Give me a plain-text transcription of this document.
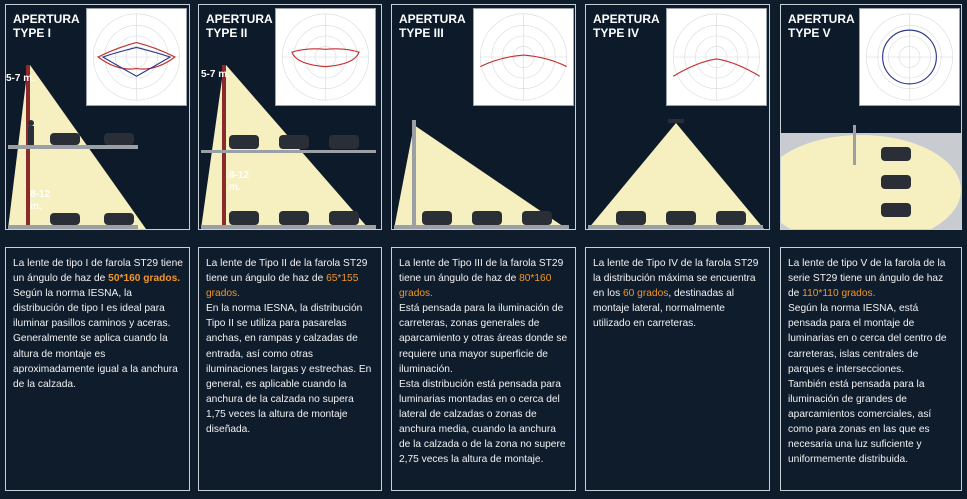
APERTURA
TYPE I
5-7 m.
8-12
m.
La lente de tipo I de farola ST29 tiene un ángulo de haz de 50*160 grados.
Según la norma IESNA, la distribución de tipo I es ideal para iluminar pasillos caminos y aceras. Generalmente se aplica cuando la altura de montaje es aproximadamente igual a la anchura de la calzada.
APERTURA
TYPE II
5-7 m.
8-12
m.
La lente de Tipo II de la farola ST29 tiene un ángulo de haz de 65*155 grados.
En la norma IESNA, la distribución Tipo II se utiliza para pasarelas anchas, en rampas y calzadas de entrada, así como otras iluminaciones largas y estrechas. En general, es aplicable cuando la anchura de la calzada no supera 1,75 veces la altura de montaje diseñada.
APERTURA
TYPE III
La lente de Tipo III de la farola ST29 tiene un ángulo de haz de 80*160 grados.
Está pensada para la iluminación de carreteras, zonas generales de aparcamiento y otras áreas donde se requiere una mayor superficie de iluminación.
Esta distribución está pensada para luminarias montadas en o cerca del lateral de calzadas o zonas de anchura media, cuando la anchura de la calzada o de la zona no supere 2,75 veces la altura de montaje.
APERTURA
TYPE IV
La lente de Tipo IV de la farola ST29 la distribución máxima se encuentra en los 60 grados, destinadas al montaje lateral, normalmente utilizado en carreteras.
APERTURA
TYPE V
La lente de tipo V de la farola de la serie ST29 tiene un ángulo de haz de 110*110 grados.
Según la norma IESNA, está pensada para el montaje de luminarias en o cerca del centro de carreteras, islas centrales de parques e intersecciones.
También está pensada para la iluminación de grandes de aparcamientos comerciales, así como para zonas en las que es necesaria una luz suficiente y uniformemente distribuida.
